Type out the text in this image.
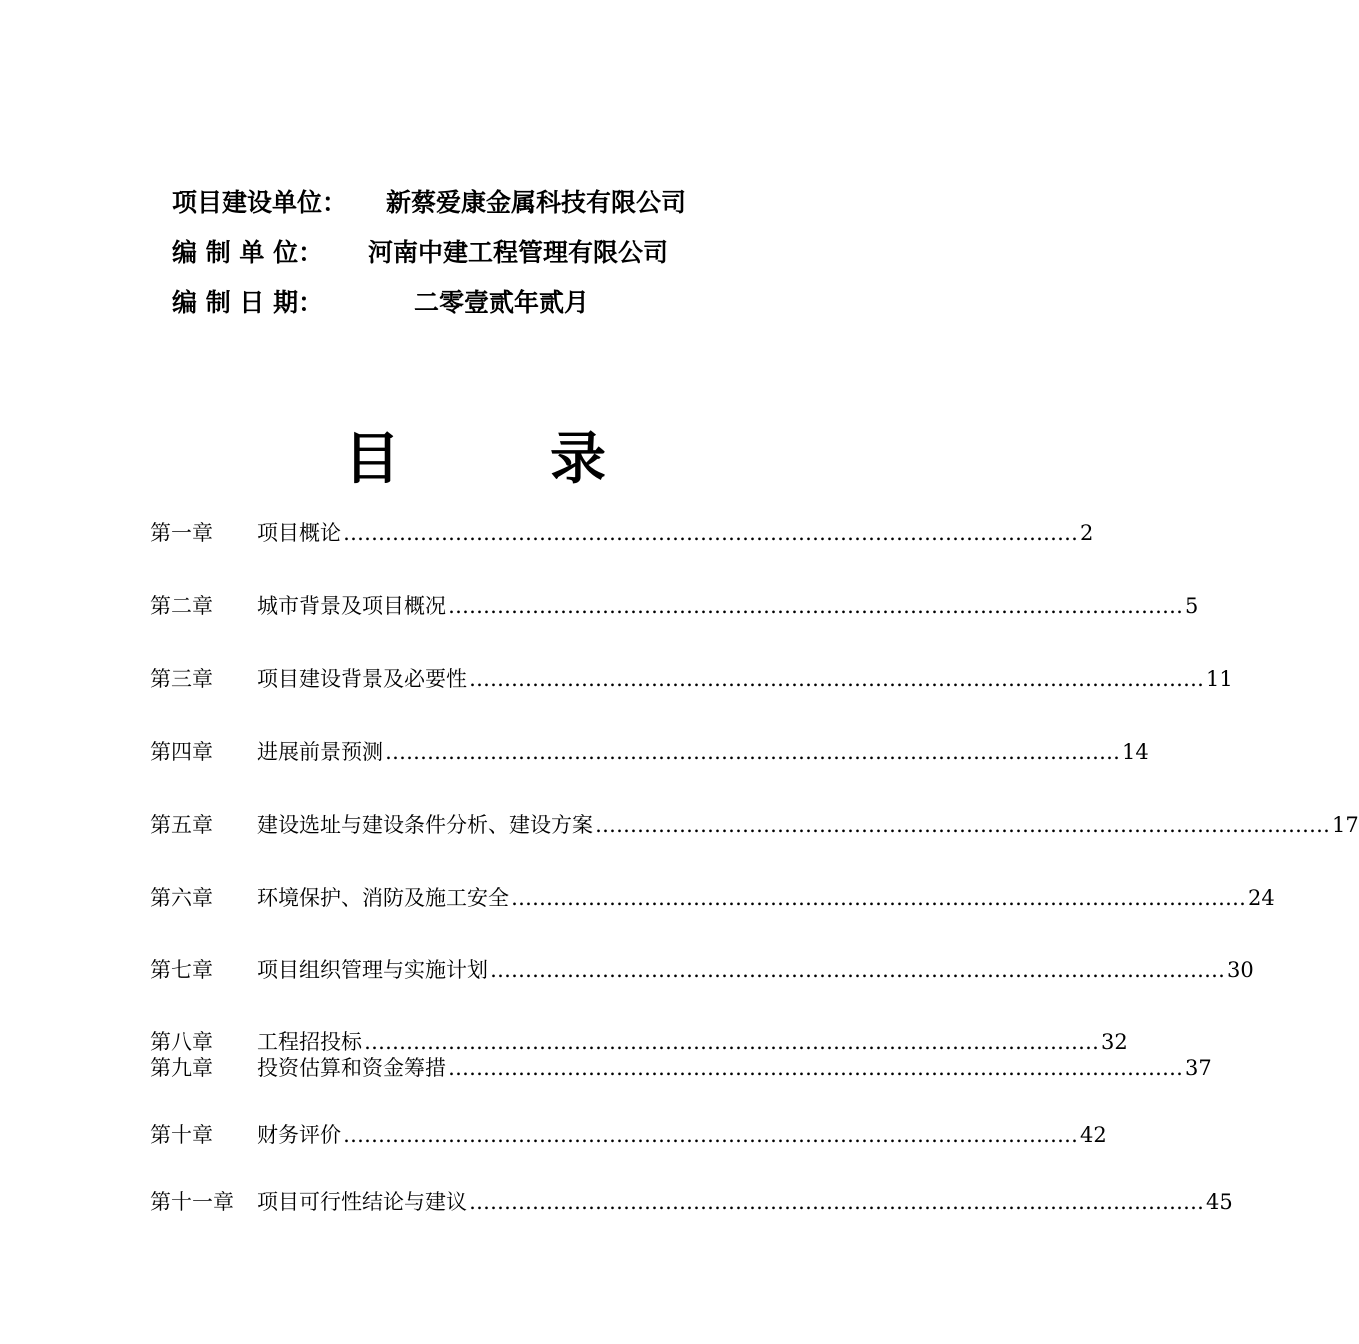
项目建设单位：	新蔡爱康金属科技有限公司
编 制 单 位：	河南中建工程管理有限公司
编 制 日 期：	二零壹贰年贰月
目录
第一章	项目概论 …………………………………………………………………………………………… 2
第二章	城市背景及项目概况 …………………………………………………………………………………………… 5
第三章	项目建设背景及必要性 …………………………………………………………………………………………… 11
第四章	进展前景预测 …………………………………………………………………………………………… 14
第五章	建设选址与建设条件分析、建设方案 …………………………………………………………………………………………… 17
第六章	环境保护、消防及施工安全 …………………………………………………………………………………………… 24
第七章	项目组织管理与实施计划 …………………………………………………………………………………………… 30
第八章	工程招投标 …………………………………………………………………………………………… 32
第九章	投资估算和资金筹措 …………………………………………………………………………………………… 37
第十章	财务评价 …………………………………………………………………………………………… 42
第十一章	项目可行性结论与建议 …………………………………………………………………………………………… 45
